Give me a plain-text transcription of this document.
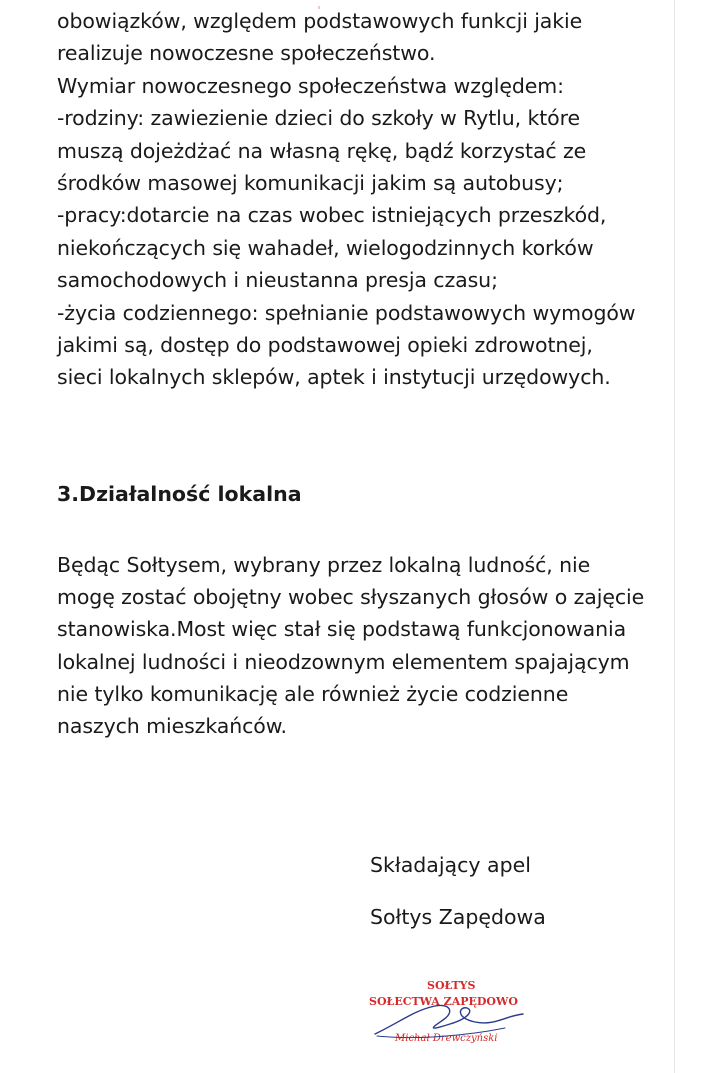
obowiązków, względem podstawowych funkcji jakie
realizuje nowoczesne społeczeństwo.
Wymiar nowoczesnego społeczeństwa względem:
-rodziny: zawiezienie dzieci do szkoły w Rytlu, które
muszą dojeżdżać na własną rękę, bądź korzystać ze
środków masowej komunikacji jakim są autobusy;
-pracy:dotarcie na czas wobec istniejących przeszkód,
niekończących się wahadeł, wielogodzinnych korków
samochodowych i nieustanna presja czasu;
-życia codziennego: spełnianie podstawowych wymogów
jakimi są, dostęp do podstawowej opieki zdrowotnej,
sieci lokalnych sklepów, aptek i instytucji urzędowych.
3.Działalność lokalna
Będąc Sołtysem, wybrany przez lokalną ludność, nie
mogę zostać obojętny wobec słyszanych głosów o zajęcie
stanowiska.Most więc stał się podstawą funkcjonowania
lokalnej ludności i nieodzownym elementem spajającym
nie tylko komunikację ale również życie codzienne
naszych mieszkańców.
Składający apel
Sołtys Zapędowa
SOŁTYS
SOŁECTWA ZAPĘDOWO
Michał Drewczyński
